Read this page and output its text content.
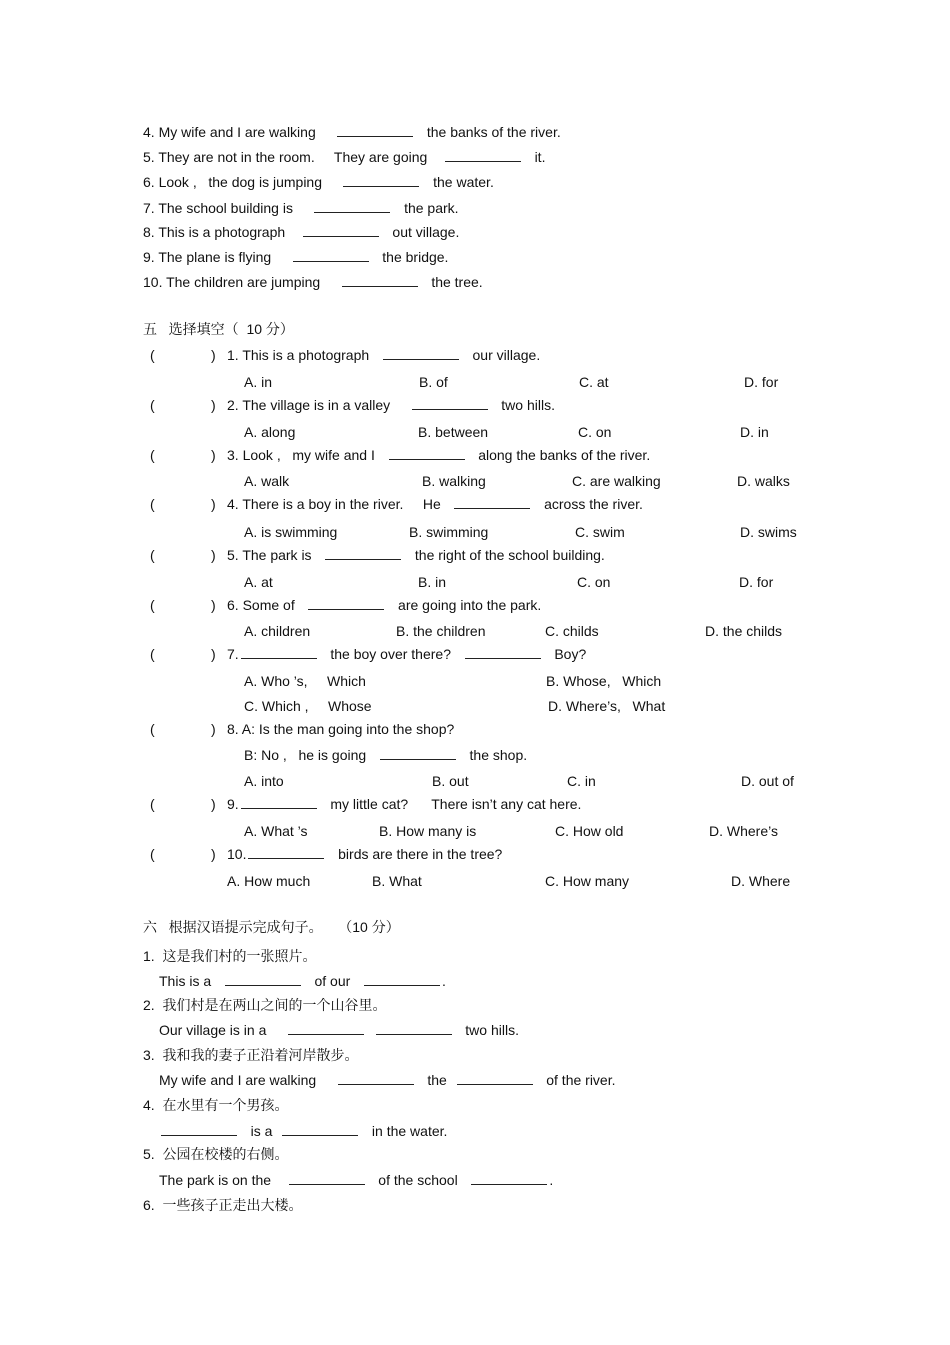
4. My wife and I are walking	the banks of the river.
5. They are not in the room.     They are going	it.
6. Look ,   the dog is jumping	the water.
7. The school building is	the park.
8. This is a photograph	out village.
9. The plane is flying	the bridge.
10. The children are jumping	the tree.
五   选择填空（  10 分）
(	) 1. This is a photograph	our village.
A. in	B. of	C. at	D. for
(	) 2. The village is in a valley	two hills.
A. along	B. between	C. on	D. in
(	) 3. Look ,   my wife and I	along the banks of the river.
A. walk	B. walking	C. are walking	D. walks
(	) 4. There is a boy in the river.     He	across the river.
A. is swimming	B. swimming	C. swim	D. swims
(	) 5. The park is	the right of the school building.
A. at	B. in	C. on	D. for
(	) 6. Some of	are going into the park.
A. children	B. the children	C. childs	D. the childs
(	) 7.	the boy over there?	Boy?
A. Who ’s,     Which	B. Whose,   Which
C. Which ,     Whose	D. Where’s,   What
(	) 8. A: Is the man going into the shop?
B: No ,   he is going	the shop.
A. into	B. out	C. in	D. out of
(	) 9.	my little cat?      There isn’t any cat here.
A. What ’s	B. How many is	C. How old	D. Where’s
(	) 10.	birds are there in the tree?
A. How much	B. What	C. How many	D. Where
六   根据汉语提示完成句子。    （10 分）
1.  这是我们村的一张照片。
This is a	of our	.
2.  我们村是在两山之间的一个山谷里。
Our village is in a	two hills.
3.  我和我的妻子正沿着河岸散步。
My wife and I are walking	the	of the river.
4.  在水里有一个男孩。
is a	in the water.
5.  公园在校楼的右侧。
The park is on the	of the school	.
6.  一些孩子正走出大楼。
